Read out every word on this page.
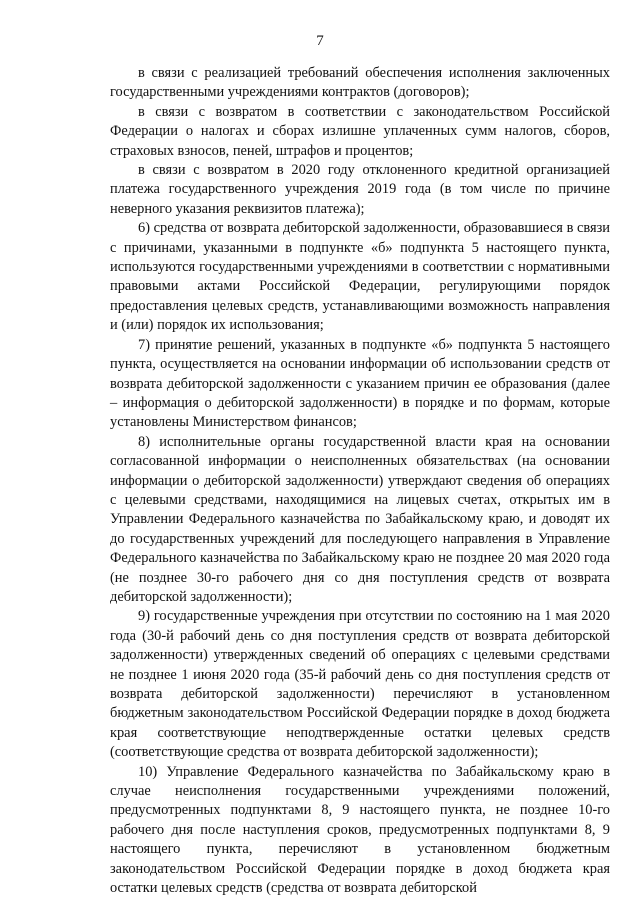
7

в связи с реализацией требований обеспечения исполнения заключенных государственными учреждениями контрактов (договоров);

в связи с возвратом в соответствии с законодательством Российской Федерации о налогах и сборах излишне уплаченных сумм налогов, сборов, страховых взносов, пеней, штрафов и процентов;

в связи с возвратом в 2020 году отклоненного кредитной организацией платежа государственного учреждения 2019 года (в том числе по причине неверного указания реквизитов платежа);

6) средства от возврата дебиторской задолженности, образовавшиеся в связи с причинами, указанными в подпункте «б» подпункта 5 настоящего пункта, используются государственными учреждениями в соответствии с нормативными правовыми актами Российской Федерации, регулирующими порядок предоставления целевых средств, устанавливающими возможность направления и (или) порядок их использования;

7) принятие решений, указанных в подпункте «б» подпункта 5 настоящего пункта, осуществляется на основании информации об использовании средств от возврата дебиторской задолженности с указанием причин ее образования (далее – информация о дебиторской задолженности) в порядке и по формам, которые установлены Министерством финансов;

8) исполнительные органы государственной власти края на основании согласованной информации о неисполненных обязательствах (на основании информации о дебиторской задолженности) утверждают сведения об операциях с целевыми средствами, находящимися на лицевых счетах, открытых им в Управлении Федерального казначейства по Забайкальскому краю, и доводят их до государственных учреждений для последующего направления в Управление Федерального казначейства по Забайкальскому краю не позднее 20 мая 2020 года (не позднее 30-го рабочего дня со дня поступления средств от возврата дебиторской задолженности);

9) государственные учреждения при отсутствии по состоянию на 1 мая 2020 года (30-й рабочий день со дня поступления средств от возврата дебиторской задолженности) утвержденных сведений об операциях с целевыми средствами не позднее 1 июня 2020 года (35-й рабочий день со дня поступления средств от возврата дебиторской задолженности) перечисляют в установленном бюджетным законодательством Российской Федерации порядке в доход бюджета края соответствующие неподтвержденные остатки целевых средств (соответствующие средства от возврата дебиторской задолженности);

10) Управление Федерального казначейства по Забайкальскому краю в случае неисполнения государственными учреждениями положений, предусмотренных подпунктами 8, 9 настоящего пункта, не позднее 10-го рабочего дня после наступления сроков, предусмотренных подпунктами 8, 9 настоящего пункта, перечисляют в установленном бюджетным законодательством Российской Федерации порядке в доход бюджета края остатки целевых средств (средства от возврата дебиторской
